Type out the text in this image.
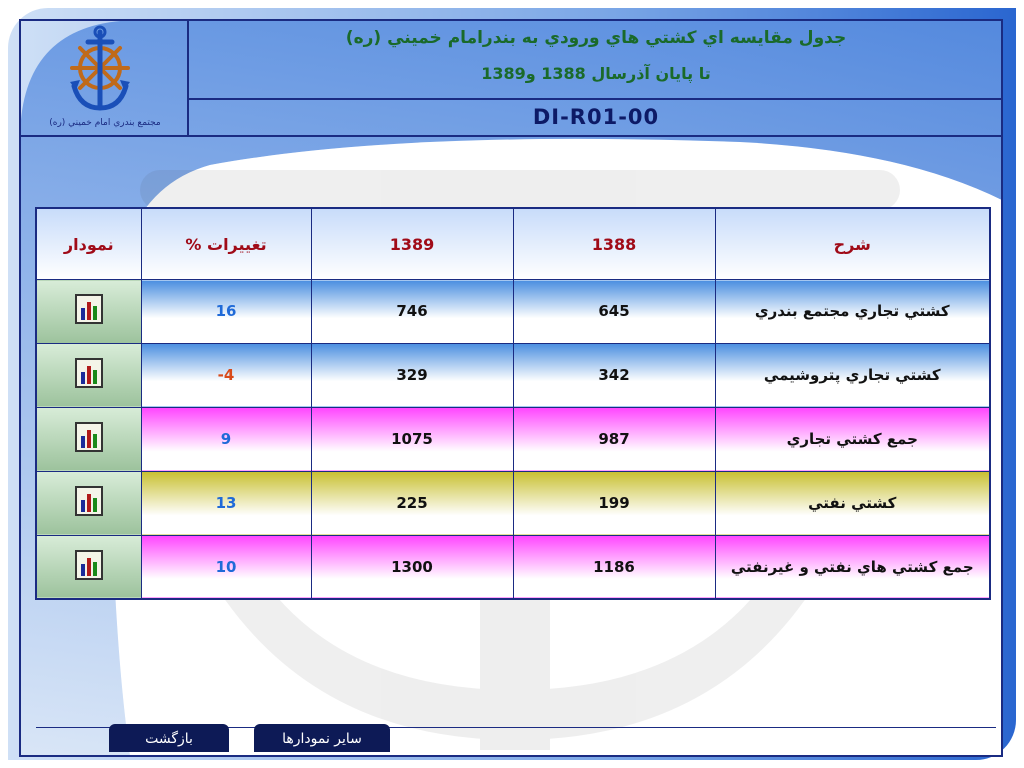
مجتمع بندري امام خميني (ره)
جدول مقايسه اي كشتي هاي ورودي به بندرامام خميني (ره)
تا پايان آذرسال 1388 و1389
DI-R01-00
نمودار	% تغييرات	1389	1388	شرح

	16	746	645	كشتي تجاري مجتمع بندري

	-4	329	342	كشتي تجاري پتروشيمي

	9	1075	987	جمع كشتي تجاري

	13	225	199	كشتي نفتي

	10	1300	1186	جمع كشتي هاي نفتي و غيرنفتي
بازگشت	ساير نمودارها
